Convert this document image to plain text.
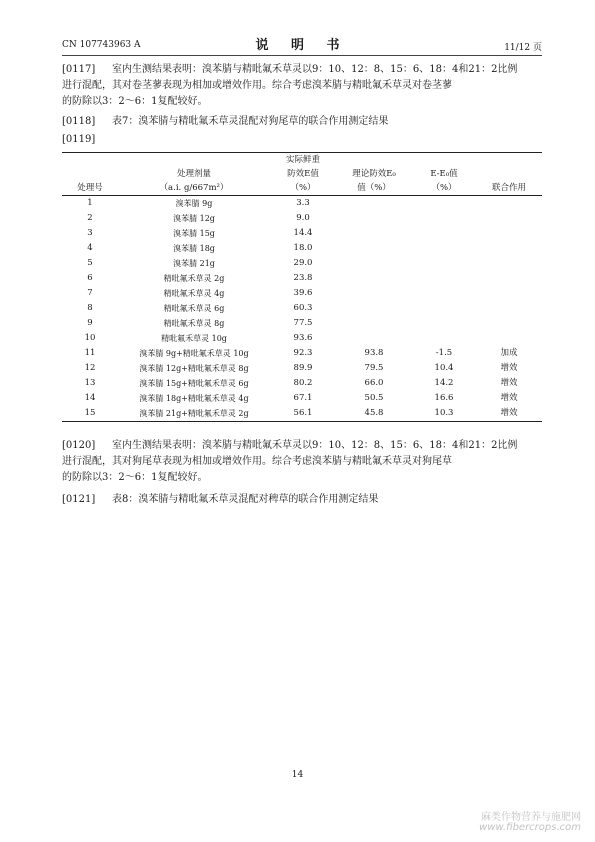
CN 107743963 A	说 明 书	11/12 页

[0117] 室内生测结果表明：溴苯腈与精吡氟禾草灵以9：10、12：8、15：6、18：4和21：2比例
进行混配，其对卷茎蓼表现为相加或增效作用。综合考虑溴苯腈与精吡氟禾草灵对卷茎蓼
的防除以3：2～6：1复配较好。

[0118] 表7：溴苯腈与精吡氟禾草灵混配对狗尾草的联合作用测定结果

[0119]

		实际鲜重			
	处理剂量	防效E值	理论防效E₀	E-E₀值	
处理号	（a.i. g/667m²）	（%）	值（%）	（%）	联合作用
1	溴苯腈 9g	3.3			
2	溴苯腈 12g	9.0			
3	溴苯腈 15g	14.4			
4	溴苯腈 18g	18.0			
5	溴苯腈 21g	29.0			
6	精吡氟禾草灵 2g	23.8			
7	精吡氟禾草灵 4g	39.6			
8	精吡氟禾草灵 6g	60.3			
9	精吡氟禾草灵 8g	77.5			
10	精吡氟禾草灵 10g	93.6			
11	溴苯腈 9g+精吡氟禾草灵 10g	92.3	93.8	-1.5	加成
12	溴苯腈 12g+精吡氟禾草灵 8g	89.9	79.5	10.4	增效
13	溴苯腈 15g+精吡氟禾草灵 6g	80.2	66.0	14.2	增效
14	溴苯腈 18g+精吡氟禾草灵 4g	67.1	50.5	16.6	增效
15	溴苯腈 21g+精吡氟禾草灵 2g	56.1	45.8	10.3	增效

[0120] 室内生测结果表明：溴苯腈与精吡氟禾草灵以9：10、12：8、15：6、18：4和21：2比例
进行混配，其对狗尾草表现为相加或增效作用。综合考虑溴苯腈与精吡氟禾草灵对狗尾草
的防除以3：2～6：1复配较好。

[0121] 表8：溴苯腈与精吡氟禾草灵混配对稗草的联合作用测定结果

14
麻类作物营养与施肥网
www.fibercrops.com
